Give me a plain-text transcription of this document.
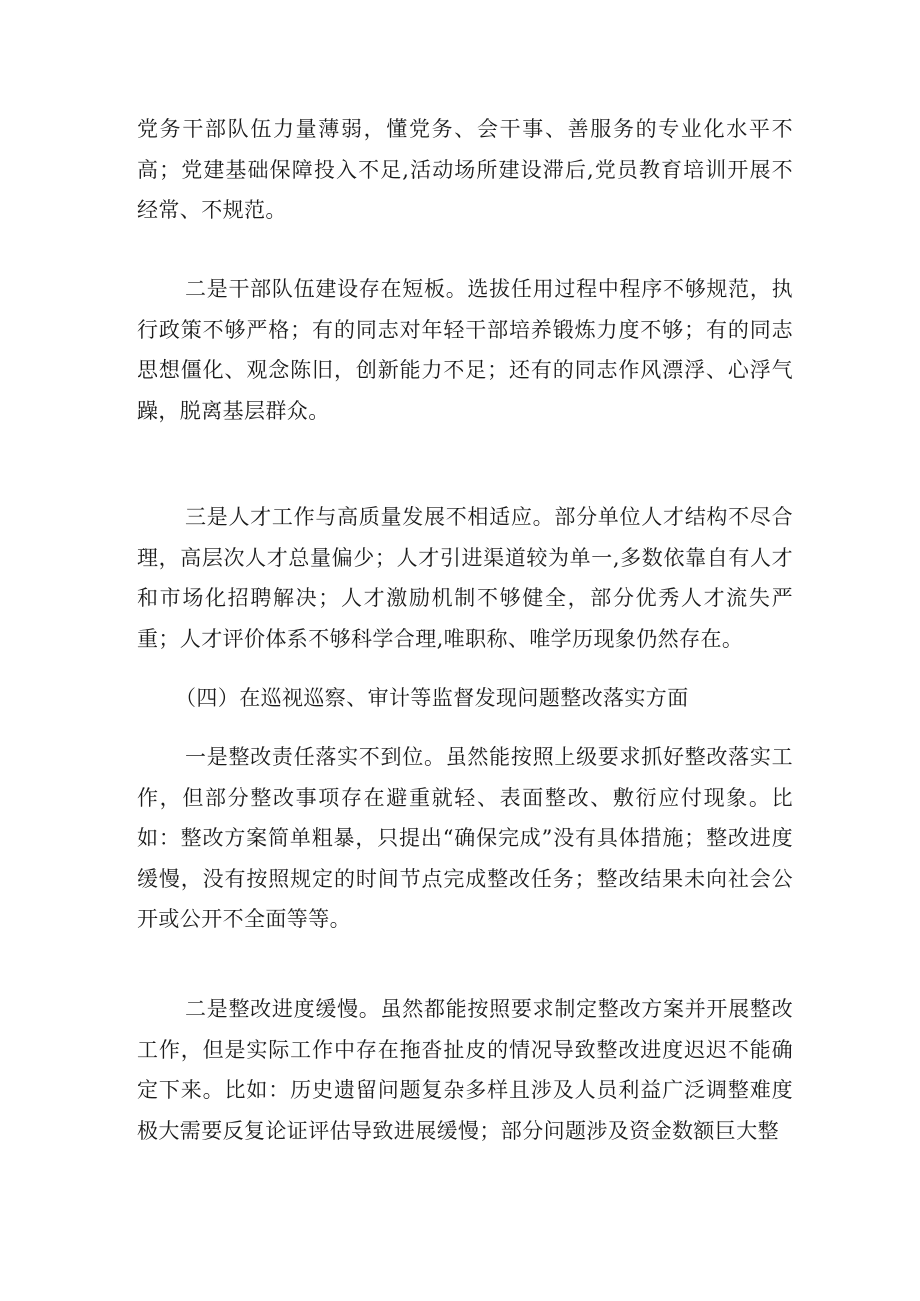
党务干部队伍力量薄弱，懂党务、会干事、善服务的专业化水平不高；党建基础保障投入不足,活动场所建设滞后,党员教育培训开展不经常、不规范。

二是干部队伍建设存在短板。选拔任用过程中程序不够规范，执行政策不够严格；有的同志对年轻干部培养锻炼力度不够；有的同志思想僵化、观念陈旧，创新能力不足；还有的同志作风漂浮、心浮气躁，脱离基层群众。

三是人才工作与高质量发展不相适应。部分单位人才结构不尽合理，高层次人才总量偏少；人才引进渠道较为单一,多数依靠自有人才和市场化招聘解决；人才激励机制不够健全，部分优秀人才流失严重；人才评价体系不够科学合理,唯职称、唯学历现象仍然存在。

（四）在巡视巡察、审计等监督发现问题整改落实方面

一是整改责任落实不到位。虽然能按照上级要求抓好整改落实工作，但部分整改事项存在避重就轻、表面整改、敷衍应付现象。比如：整改方案简单粗暴，只提出“确保完成”没有具体措施；整改进度缓慢，没有按照规定的时间节点完成整改任务；整改结果未向社会公开或公开不全面等等。

二是整改进度缓慢。虽然都能按照要求制定整改方案并开展整改工作，但是实际工作中存在拖沓扯皮的情况导致整改进度迟迟不能确定下来。比如：历史遗留问题复杂多样且涉及人员利益广泛调整难度极大需要反复论证评估导致进展缓慢；部分问题涉及资金数额巨大整
